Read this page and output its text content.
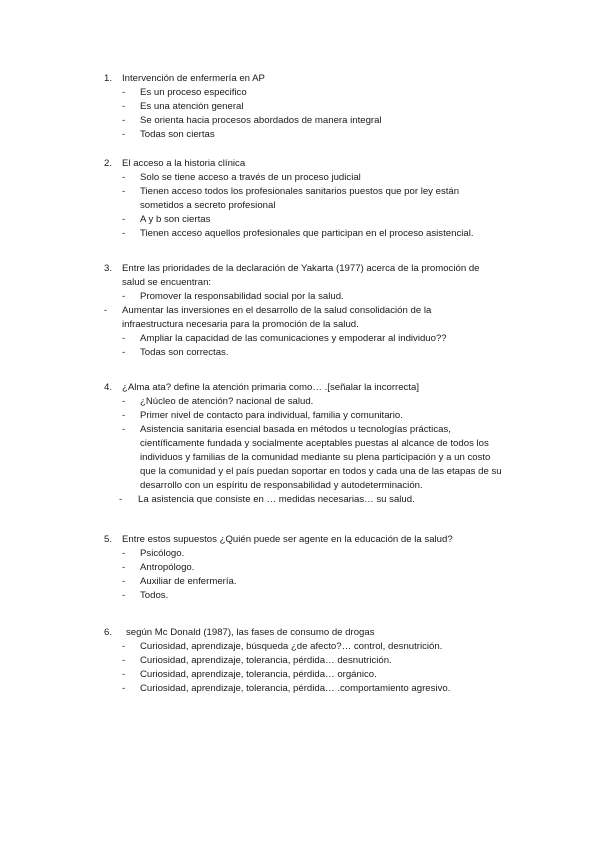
1. Intervención de enfermería en AP
- Es un proceso especifico
- Es una atención general
- Se orienta hacia procesos abordados de manera integral
- Todas son ciertas
2. El acceso a la historia clínica
- Solo se tiene acceso a través de un proceso judicial
- Tienen acceso todos los profesionales sanitarios puestos que por ley están sometidos a secreto profesional
- A y b son ciertas
- Tienen acceso aquellos profesionales que participan en el proceso asistencial.
3. Entre las prioridades de la declaración de Yakarta (1977) acerca de la promoción de
salud se encuentran:
- Promover la responsabilidad social por la salud.
- Aumentar las inversiones en el desarrollo de la salud consolidación de la infraestructura necesaria para la promoción de la salud.
- Ampliar la capacidad de las comunicaciones y empoderar al individuo??
- Todas son correctas.
4. ¿Alma ata? define la atención primaria como… .[señalar la incorrecta]
- ¿Núcleo de atención? nacional de salud.
- Primer nivel de contacto para individual, familia y comunitario.
- Asistencia sanitaria esencial basada en métodos u tecnologías prácticas, científicamente fundada y socialmente aceptables puestas al alcance de todos los individuos y familias de la comunidad mediante su plena participación y a un costo que la comunidad y el país puedan soportar en todos y cada una de las etapas de su desarrollo con un espíritu de responsabilidad y autodeterminación.
- La asistencia que consiste en … medidas necesarias… su salud.
5. Entre estos supuestos ¿Quién puede ser agente en la educación de la salud?
- Psicólogo.
- Antropólogo.
- Auxiliar de enfermería.
- Todos.
6. según Mc Donald (1987), las fases de consumo de drogas
- Curiosidad, aprendizaje, búsqueda ¿de afecto?… control, desnutrición.
- Curiosidad, aprendizaje, tolerancia, pérdida… desnutrición.
- Curiosidad, aprendizaje, tolerancia, pérdida… orgánico.
- Curiosidad, aprendizaje, tolerancia, pérdida… .comportamiento agresivo.
